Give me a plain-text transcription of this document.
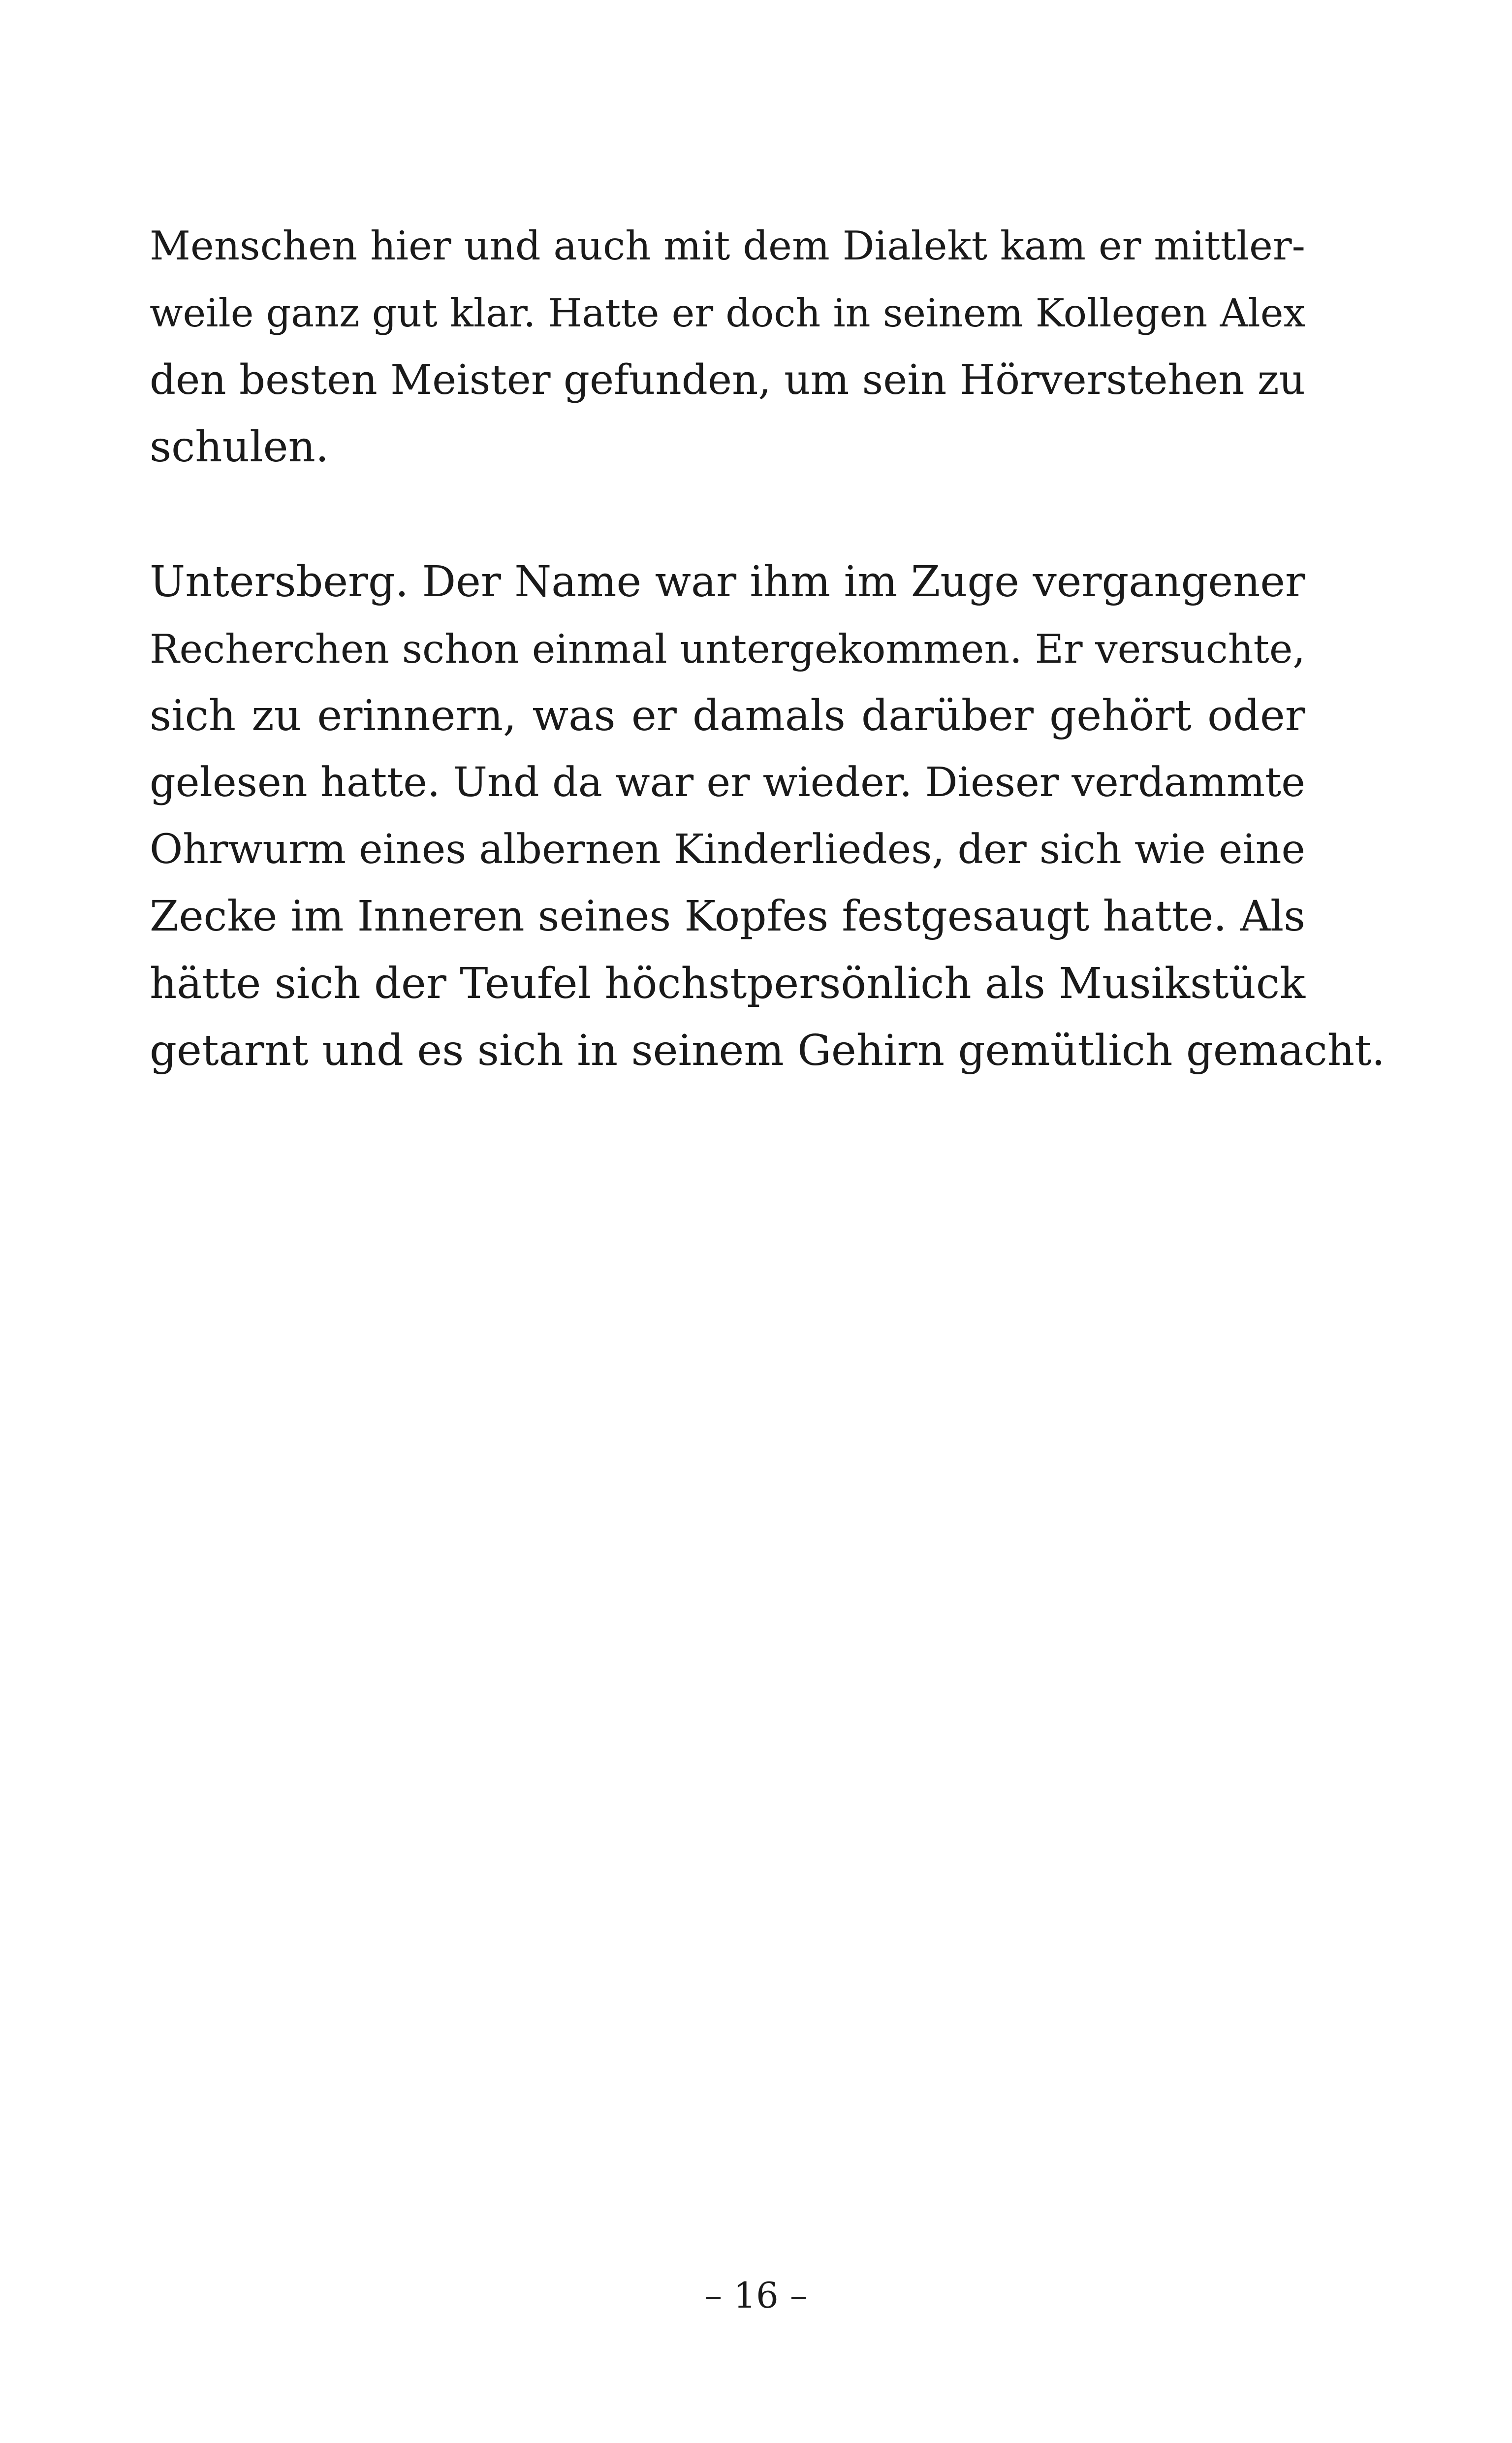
Menschen hier und auch mit dem Dialekt kam er mittler-
weile ganz gut klar. Hatte er doch in seinem Kollegen Alex
den besten Meister gefunden, um sein Hörverstehen zu
schulen.

Untersberg. Der Name war ihm im Zuge vergangener
Recherchen schon einmal untergekommen. Er versuchte,
sich zu erinnern, was er damals darüber gehört oder
gelesen hatte. Und da war er wieder. Dieser verdammte
Ohrwurm eines albernen Kinderliedes, der sich wie eine
Zecke im Inneren seines Kopfes festgesaugt hatte. Als
hätte sich der Teufel höchstpersönlich als Musikstück
getarnt und es sich in seinem Gehirn gemütlich gemacht.

– 16 –
